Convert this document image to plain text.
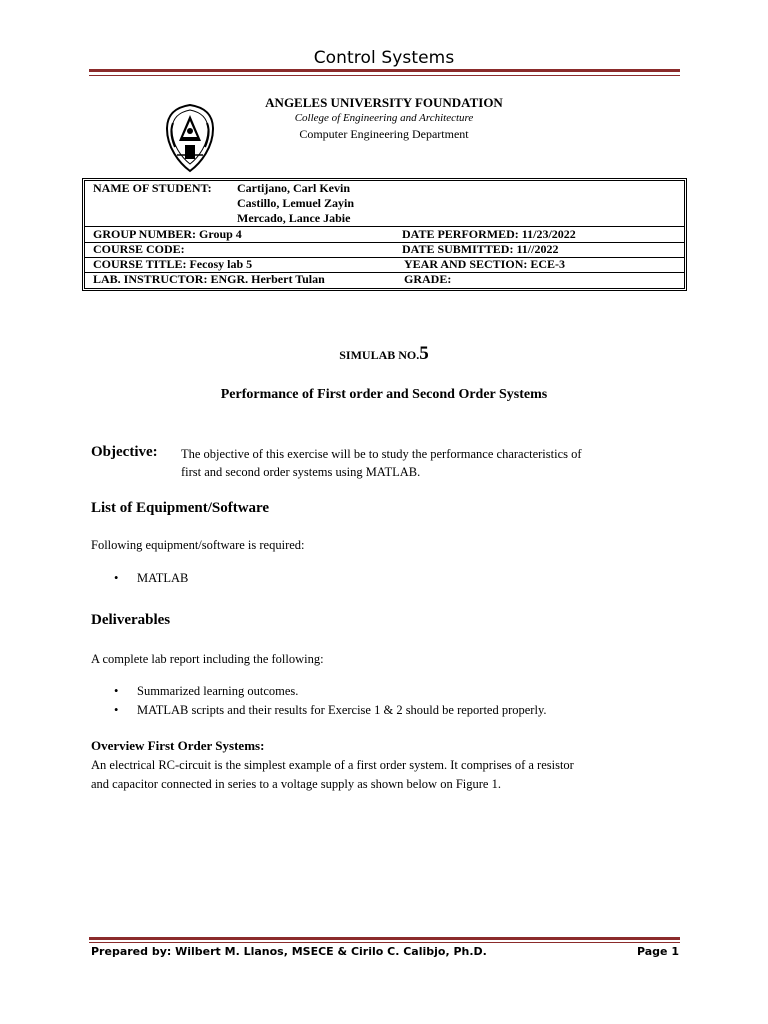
Control Systems
ANGELES UNIVERSITY FOUNDATION
College of Engineering and Architecture
Computer Engineering Department
NAME OF STUDENT: Cartijano, Carl Kevin
Castillo, Lemuel Zayin
Mercado, Lance Jabie
GROUP NUMBER: Group 4	DATE PERFORMED: 11/23/2022
COURSE CODE:	DATE SUBMITTED: 11//2022
COURSE TITLE: Fecosy lab 5	YEAR AND SECTION: ECE-3
LAB. INSTRUCTOR: ENGR. Herbert Tulan	GRADE:
SIMULAB NO.5
Performance of First order and Second Order Systems
Objective: The objective of this exercise will be to study the performance characteristics of
first and second order systems using MATLAB.
List of Equipment/Software
Following equipment/software is required:
• MATLAB
Deliverables
A complete lab report including the following:
• Summarized learning outcomes.
• MATLAB scripts and their results for Exercise 1 & 2 should be reported properly.
Overview First Order Systems:
An electrical RC-circuit is the simplest example of a first order system. It comprises of a resistor
and capacitor connected in series to a voltage supply as shown below on Figure 1.
Prepared by: Wilbert M. Llanos, MSECE & Cirilo C. Calibjo, Ph.D.	Page 1
